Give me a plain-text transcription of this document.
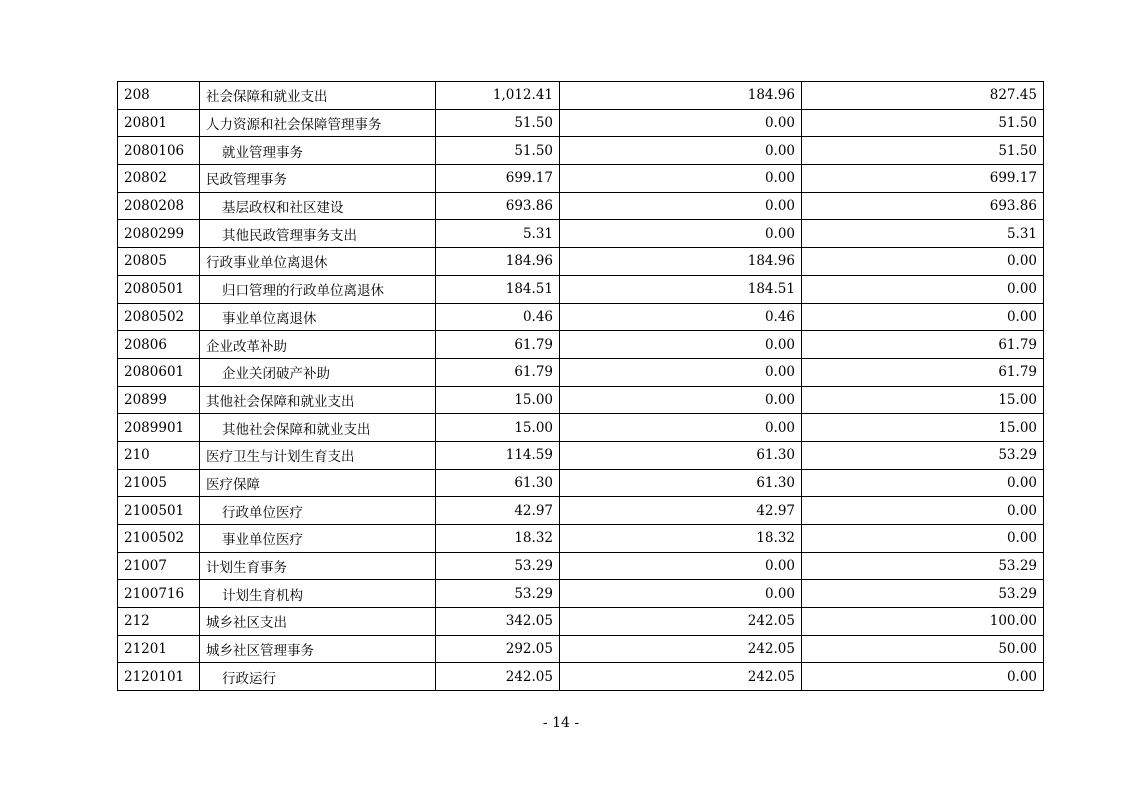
208	社会保障和就业支出	1,012.41	184.96	827.45
20801	人力资源和社会保障管理事务	51.50	0.00	51.50
2080106	就业管理事务	51.50	0.00	51.50
20802	民政管理事务	699.17	0.00	699.17
2080208	基层政权和社区建设	693.86	0.00	693.86
2080299	其他民政管理事务支出	5.31	0.00	5.31
20805	行政事业单位离退休	184.96	184.96	0.00
2080501	归口管理的行政单位离退休	184.51	184.51	0.00
2080502	事业单位离退休	0.46	0.46	0.00
20806	企业改革补助	61.79	0.00	61.79
2080601	企业关闭破产补助	61.79	0.00	61.79
20899	其他社会保障和就业支出	15.00	0.00	15.00
2089901	其他社会保障和就业支出	15.00	0.00	15.00
210	医疗卫生与计划生育支出	114.59	61.30	53.29
21005	医疗保障	61.30	61.30	0.00
2100501	行政单位医疗	42.97	42.97	0.00
2100502	事业单位医疗	18.32	18.32	0.00
21007	计划生育事务	53.29	0.00	53.29
2100716	计划生育机构	53.29	0.00	53.29
212	城乡社区支出	342.05	242.05	100.00
21201	城乡社区管理事务	292.05	242.05	50.00
2120101	行政运行	242.05	242.05	0.00
- 14 -
